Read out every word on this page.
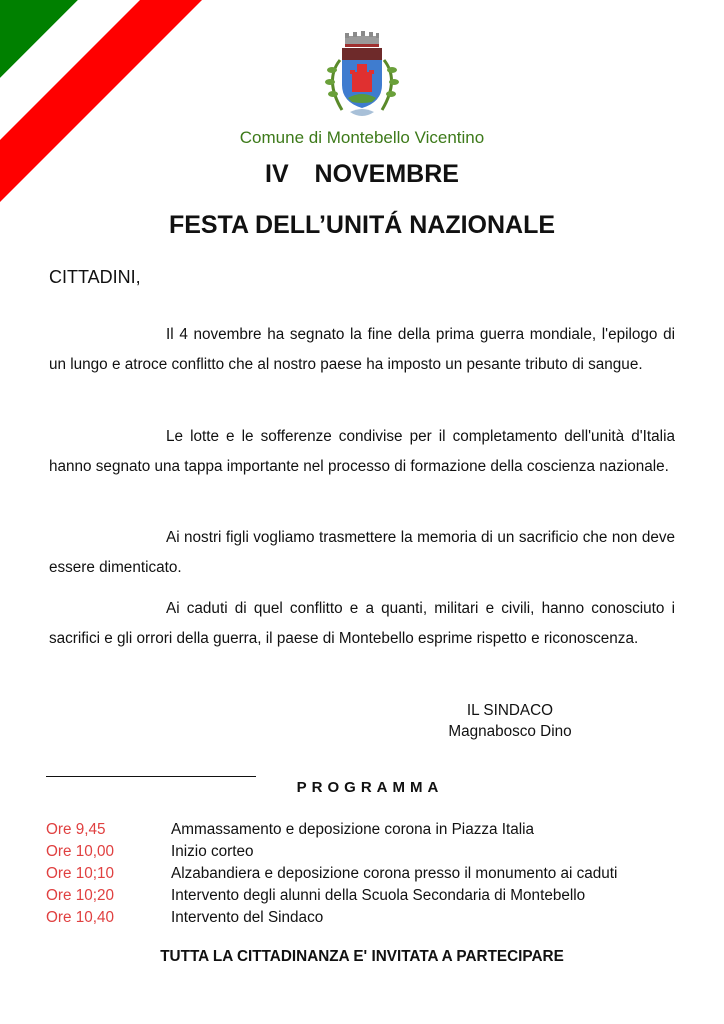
Comune di Montebello Vicentino
IV  NOVEMBRE
FESTA DELL’UNITÁ NAZIONALE
CITTADINI,
Il 4 novembre ha segnato la fine della prima guerra mondiale, l'epilogo di un lungo e atroce conflitto che al nostro paese ha imposto un pesante tributo di sangue.
Le lotte e le sofferenze condivise per il completamento dell'unità d'Italia hanno segnato una tappa importante nel processo di formazione della coscienza nazionale.
Ai nostri figli vogliamo trasmettere la memoria di un sacrificio che non deve essere dimenticato.
Ai caduti di quel conflitto e a quanti, militari e civili, hanno conosciuto i sacrifici e gli orrori della guerra, il paese di Montebello esprime rispetto e riconoscenza.
IL SINDACO
Magnabosco Dino
PROGRAMMA
Ore 9,45	Ammassamento e deposizione corona in Piazza Italia
Ore 10,00	Inizio corteo
Ore 10;10	Alzabandiera e deposizione corona presso il monumento ai caduti
Ore 10;20	Intervento degli alunni della Scuola Secondaria di Montebello
Ore 10,40	Intervento del Sindaco
TUTTA LA CITTADINANZA E' INVITATA A PARTECIPARE
